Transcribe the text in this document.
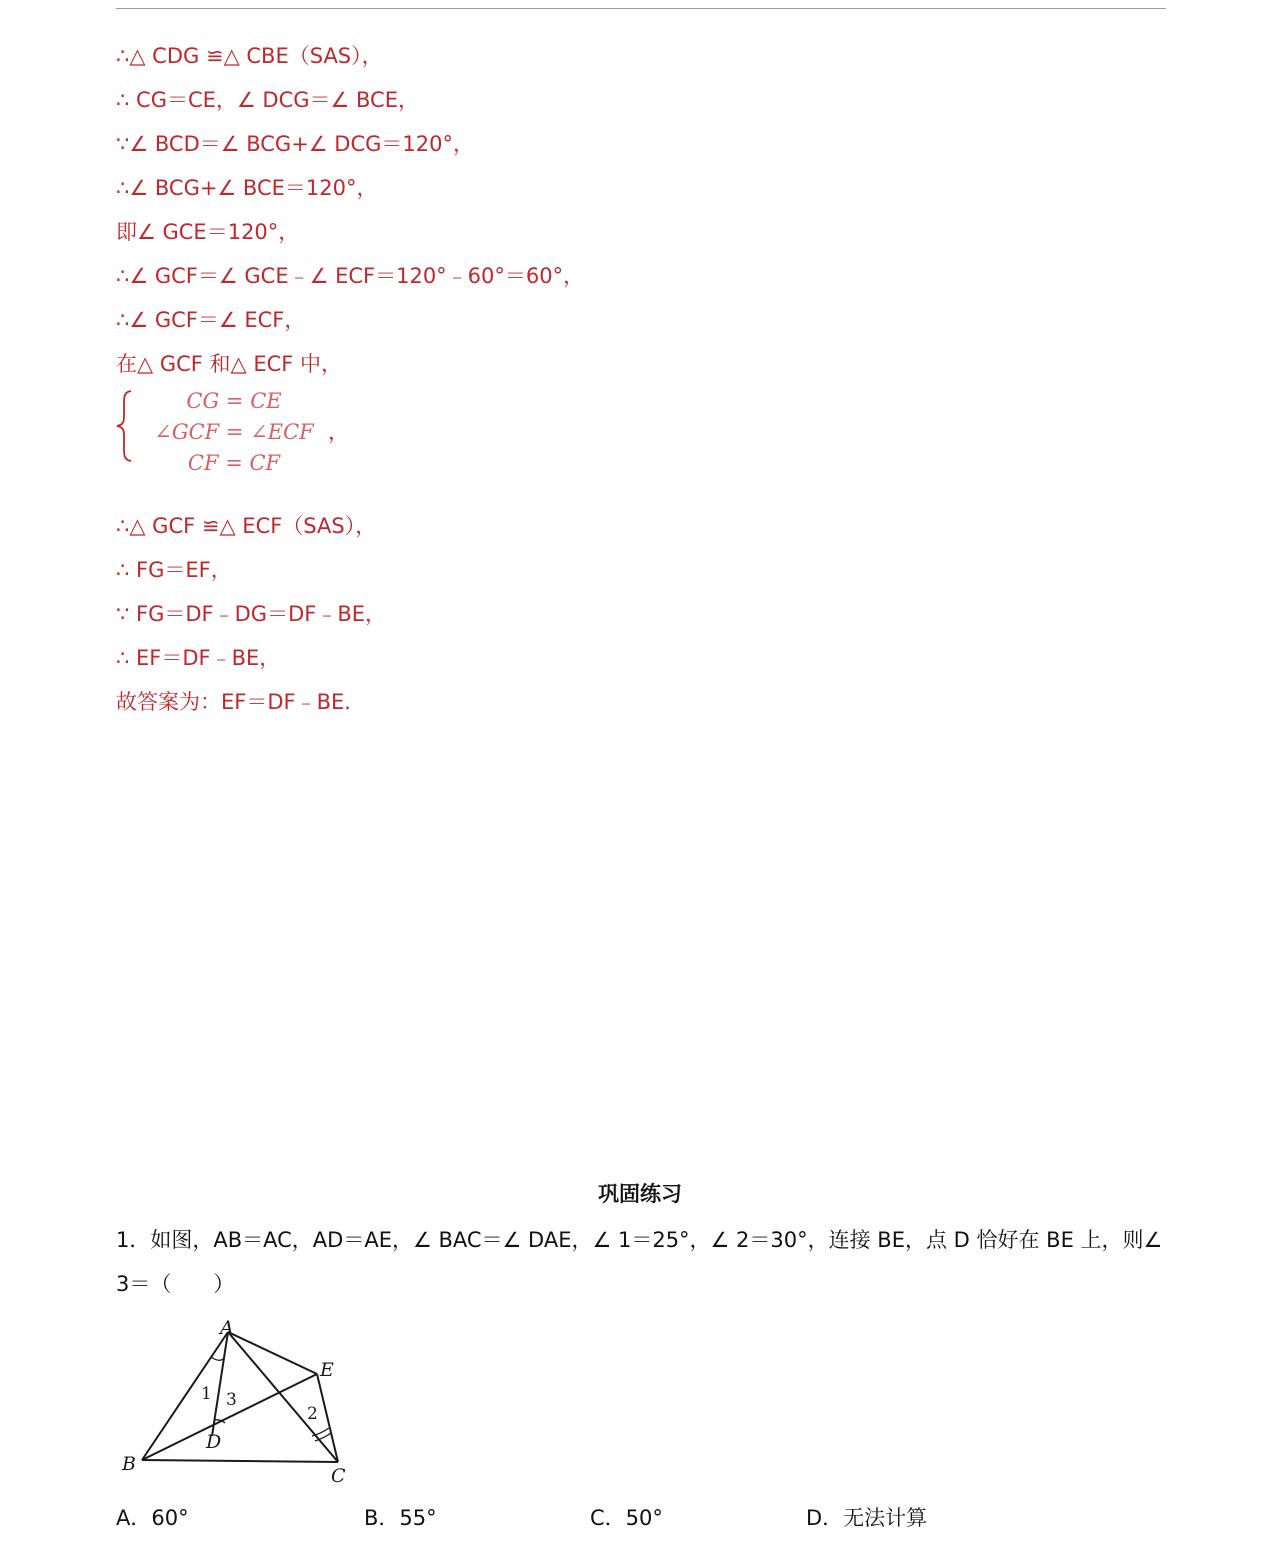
∴△ CDG ≌△ CBE（SAS），
∴ CG＝CE，∠ DCG＝∠ BCE，
∵∠ BCD＝∠ BCG+∠ DCG＝120°，
∴∠ BCG+∠ BCE＝120°，
即∠ GCE＝120°，
∴∠ GCF＝∠ GCE﹣∠ ECF＝120°﹣60°＝60°，
∴∠ GCF＝∠ ECF，
在△ GCF 和△ ECF 中，
CG = CE
∠GCF = ∠ECF
CF = CF
，
∴△ GCF ≌△ ECF（SAS），
∴ FG＝EF，
∵ FG＝DF﹣DG＝DF﹣BE，
∴ EF＝DF﹣BE，
故答案为：EF＝DF﹣BE．
巩固练习
1．如图，AB＝AC，AD＝AE，∠ BAC＝∠ DAE，∠ 1＝25°，∠ 2＝30°，连接 BE，点 D 恰好在 BE 上，则∠ 3＝（　　）
A
E
B
D
C
1 3
2
A．60°	B．55°	C．50°	D．无法计算
